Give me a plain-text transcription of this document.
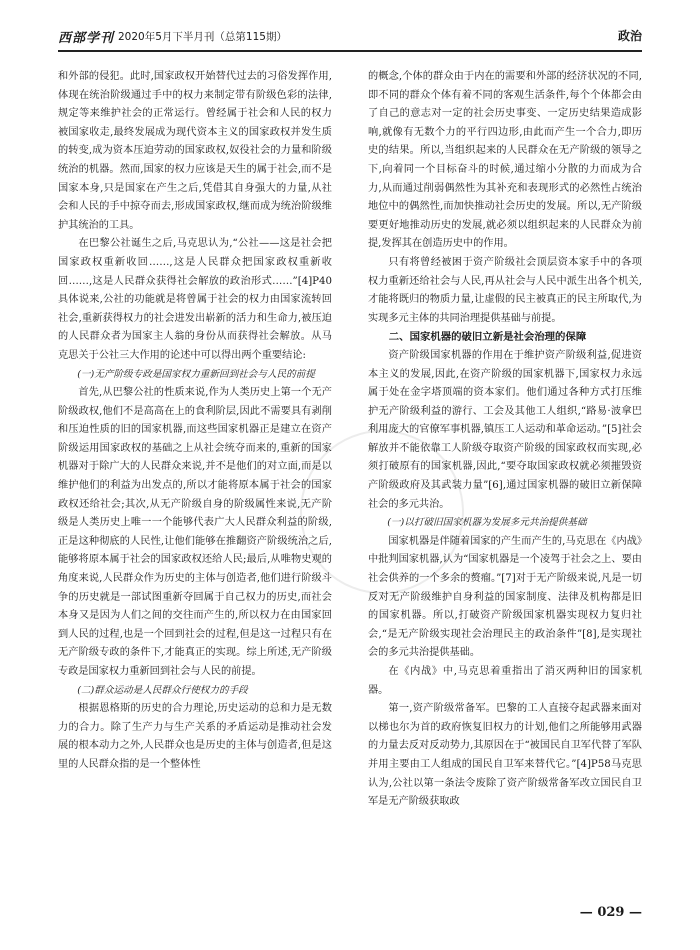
西部学刊 2020年5月下半月刊（总第115期）	政治

和外部的侵犯。此时,国家政权开始替代过去的习俗发挥作用,体现在统治阶级通过手中的权力来制定带有阶级色彩的法律,规定等来维护社会的正常运行。曾经属于社会和人民的权力被国家收走,最终发展成为现代资本主义的国家政权并发生质的转变,成为资本压迫劳动的国家政权,奴役社会的力量和阶级统治的机器。然而,国家的权力应该是天生的属于社会,而不是国家本身,只是国家在产生之后,凭借其自身强大的力量,从社会和人民的手中掠夺而去,形成国家政权,继而成为统治阶级维护其统治的工具。

在巴黎公社诞生之后,马克思认为,“公社——这是社会把国家政权重新收回……,这是人民群众把国家政权重新收回……,这是人民群众获得社会解放的政治形式……”[4]P40具体说来,公社的功能就是将曾属于社会的权力由国家流转回社会,重新获得权力的社会进发出崭新的活力和生命力,被压迫的人民群众者为国家主人翁的身份从而获得社会解放。从马克思关于公社三大作用的论述中可以得出两个重要结论:

(一)无产阶级专政是国家权力重新回到社会与人民的前提

首先,从巴黎公社的性质来说,作为人类历史上第一个无产阶级政权,他们不是高高在上的食利阶层,因此不需要具有剥削和压迫性质的旧的国家机器,而这些国家机器正是建立在资产阶级运用国家政权的基础之上从社会统夺而来的,重新的国家机器对于除广大的人民群众来说,并不是他们的对立面,而是以维护他们的利益为出发点的,所以才能将原本属于社会的国家政权还给社会;其次,从无产阶级自身的阶级属性来说,无产阶级是人类历史上唯一一个能够代表广大人民群众利益的阶级,正是这种彻底的人民性,让他们能够在推翻资产阶级统治之后,能够将原本属于社会的国家政权还给人民;最后,从唯物史观的角度来说,人民群众作为历史的主体与创造者,他们进行阶级斗争的历史就是一部试图重新夺回属于自己权力的历史,而社会本身又是因为人们之间的交往而产生的,所以权力在由国家回到人民的过程,也是一个回到社会的过程,但是这一过程只有在无产阶级专政的条件下,才能真正的实现。综上所述,无产阶级专政是国家权力重新回到社会与人民的前提。

(二)群众运动是人民群众行使权力的手段

根据恩格斯的历史的合力理论,历史运动的总和力是无数力的合力。除了生产力与生产关系的矛盾运动是推动社会发展的根本动力之外,人民群众也是历史的主体与创造者,但是这里的人民群众指的是一个整体性

的概念,个体的群众由于内在的需要和外部的经济状况的不同,即不同的群众个体有着不同的客观生活条件,每个个体都会由了自己的意志对一定的社会历史事变、一定历史结果造成影响,就像有无数个力的平行四边形,由此而产生一个合力,即历史的结果。所以,当组织起来的人民群众在无产阶级的领导之下,向着同一个目标奋斗的时候,通过缩小分散的力而成为合力,从而通过削弱偶然性为其补充和表现形式的必然性占统治地位中的偶然性,而加快推动社会历史的发展。所以,无产阶级要更好地推动历史的发展,就必须以组织起来的人民群众为前提,发挥其在创造历史中的作用。

只有将曾经被困于资产阶级社会顶层资本家手中的各项权力重新还给社会与人民,再从社会与人民中派生出各个机关,才能将既归的物质力量,让虚假的民主被真正的民主所取代,为实现多元主体的共同治理提供基础与前提。

二、国家机器的破旧立新是社会治理的保障

资产阶级国家机器的作用在于维护资产阶级利益,促进资本主义的发展,因此,在资产阶级的国家机器下,国家权力永远属于处在金字塔顶端的资本家们。他们通过各种方式打压维护无产阶级利益的游行、工会及其他工人组织,“路易·波拿巴利用庞大的官僚军事机器,镇压工人运动和革命运动。”[5]社会解放并不能依靠工人阶级夺取资产阶级的国家政权而实现,必须打破原有的国家机器,因此,“要夺取国家政权就必须摧毁资产阶级政府及其武装力量”[6],通过国家机器的破旧立新保障社会的多元共治。

(一)以打破旧国家机器为发展多元共治提供基础

国家机器是伴随着国家的产生而产生的,马克思在《内战》中批判国家机器,认为“国家机器是一个凌驾于社会之上、要由社会供养的一个多余的赘瘤。”[7]对于无产阶级来说,凡是一切反对无产阶级维护自身利益的国家制度、法律及机构都是旧的国家机器。所以,打破资产阶级国家机器实现权力复归社会,“是无产阶级实现社会治理民主的政治条件”[8],是实现社会的多元共治提供基础。

在《内战》中,马克思着重指出了消灭两种旧的国家机器。

第一,资产阶级常备军。巴黎的工人直接夺起武器来面对以梯也尔为首的政府恢复旧权力的计划,他们之所能够用武器的力量去反对反动势力,其原因在于“被国民自卫军代替了军队并用主要由工人组成的国民自卫军来替代它。”[4]P58马克思认为,公社以第一条法令废除了资产阶级常备军改立国民自卫军是无产阶级获取政

— 029 —
